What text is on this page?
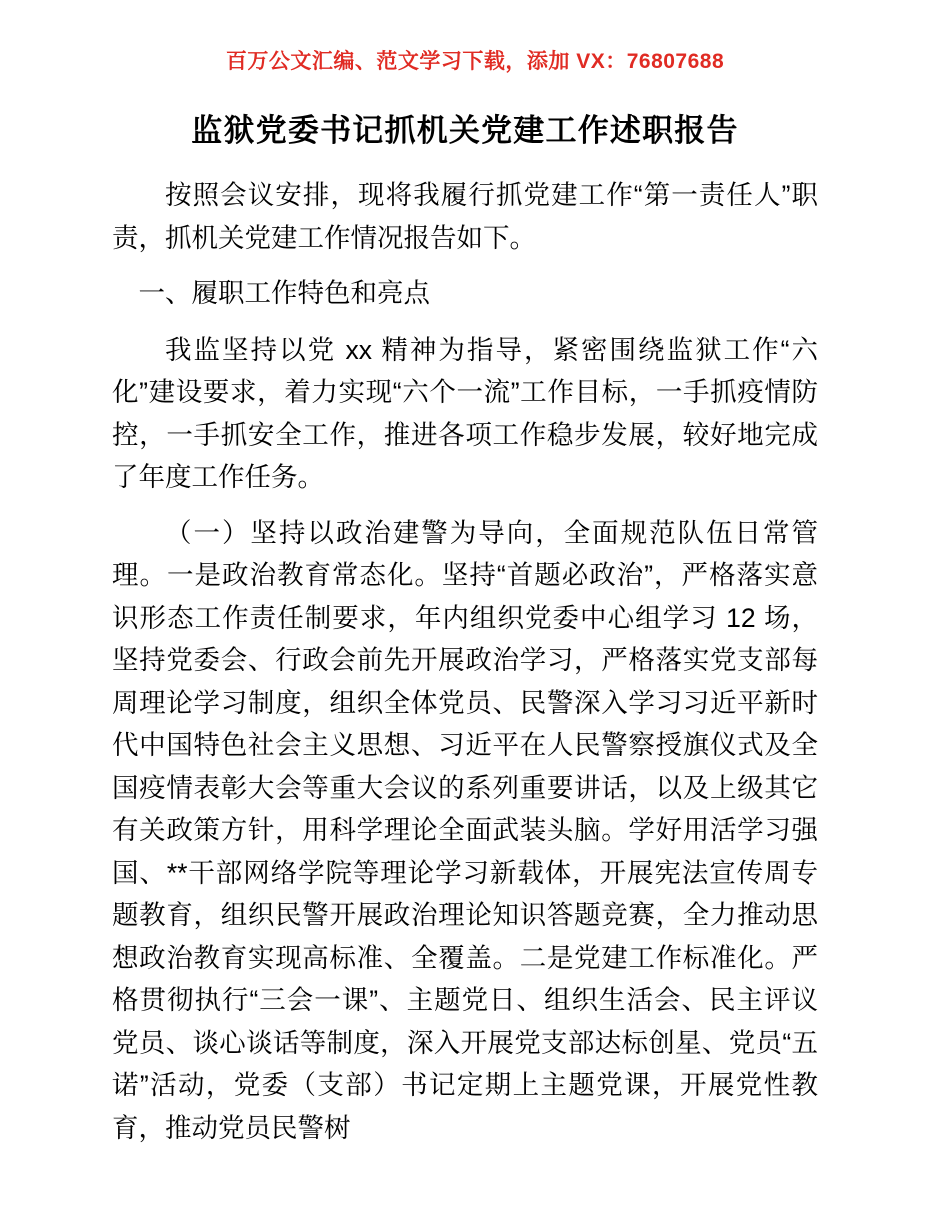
百万公文汇编、范文学习下载，添加 VX：76807688
监狱党委书记抓机关党建工作述职报告

按照会议安排，现将我履行抓党建工作“第一责任人”职责，抓机关党建工作情况报告如下。

一、履职工作特色和亮点

我监坚持以党 xx 精神为指导，紧密围绕监狱工作“六化”建设要求，着力实现“六个一流”工作目标，一手抓疫情防控，一手抓安全工作，推进各项工作稳步发展，较好地完成了年度工作任务。

（一）坚持以政治建警为导向，全面规范队伍日常管理。一是政治教育常态化。坚持“首题必政治”，严格落实意识形态工作责任制要求，年内组织党委中心组学习 12 场，坚持党委会、行政会前先开展政治学习，严格落实党支部每周理论学习制度，组织全体党员、民警深入学习习近平新时代中国特色社会主义思想、习近平在人民警察授旗仪式及全国疫情表彰大会等重大会议的系列重要讲话，以及上级其它有关政策方针，用科学理论全面武装头脑。学好用活学习强国、**干部网络学院等理论学习新载体，开展宪法宣传周专题教育，组织民警开展政治理论知识答题竞赛，全力推动思想政治教育实现高标准、全覆盖。二是党建工作标准化。严格贯彻执行“三会一课”、主题党日、组织生活会、民主评议党员、谈心谈话等制度，深入开展党支部达标创星、党员“五诺”活动，党委（支部）书记定期上主题党课，开展党性教育，推动党员民警树
